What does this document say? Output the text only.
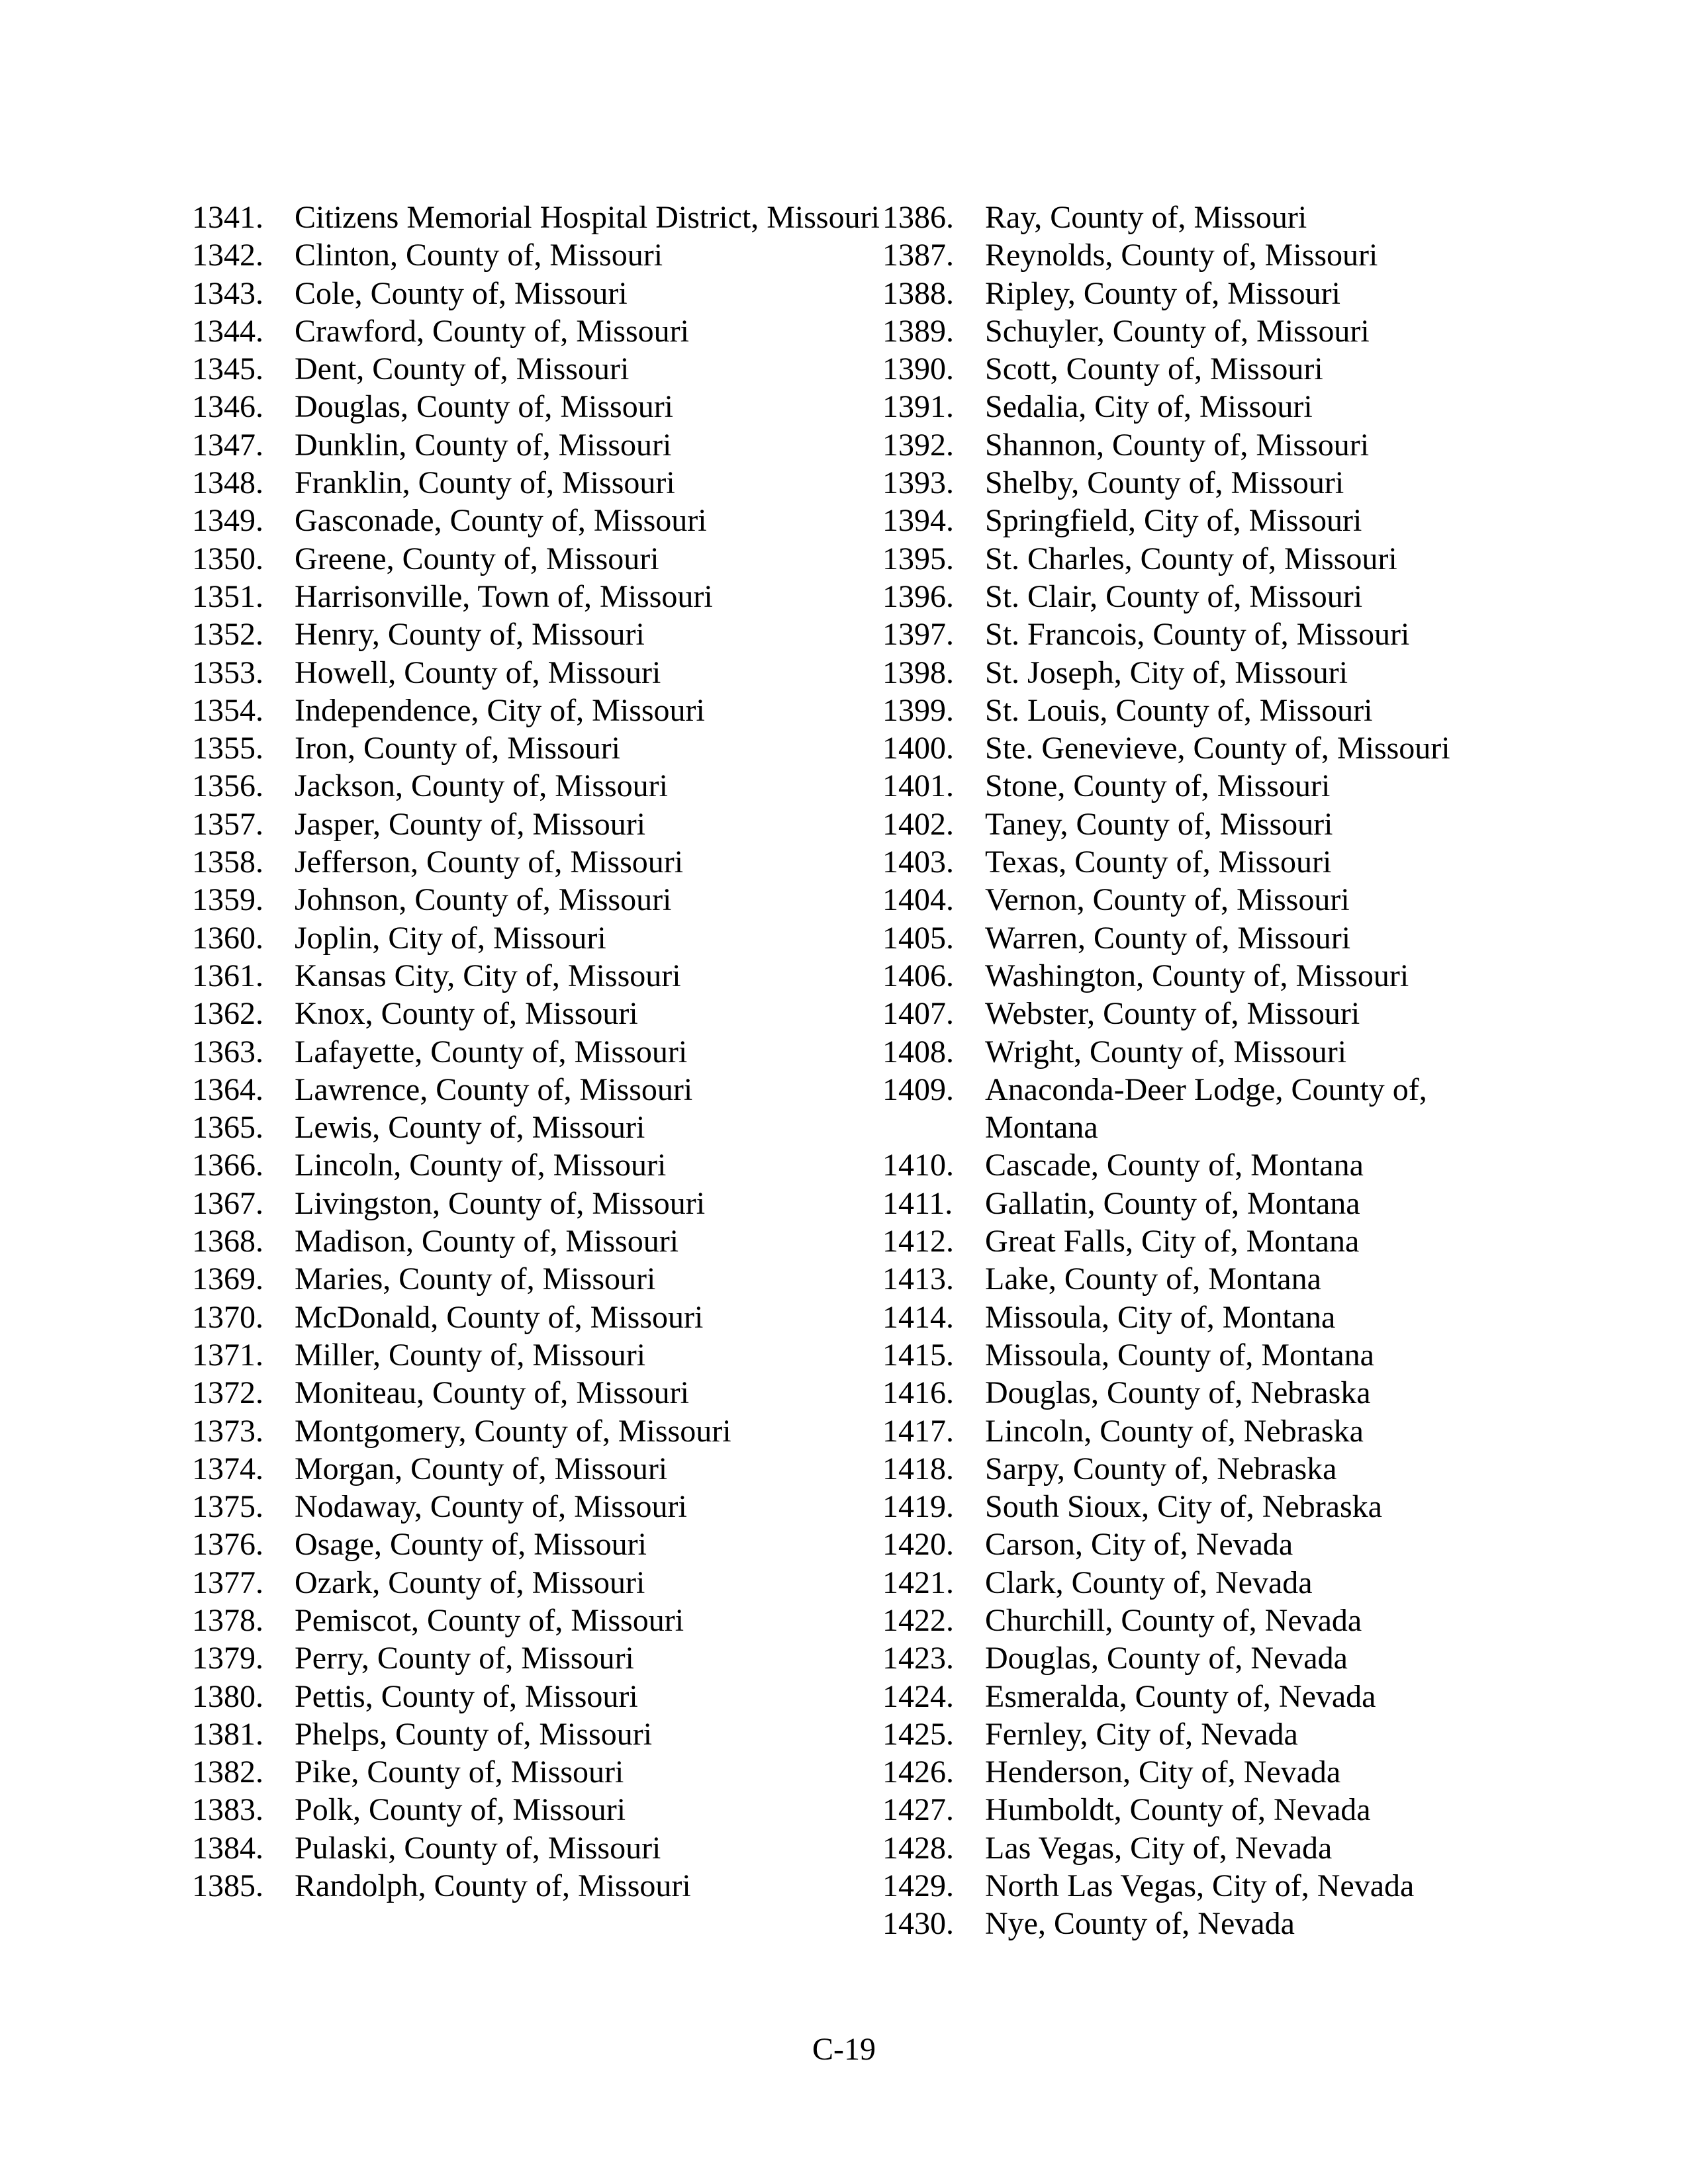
1341. Citizens Memorial Hospital District, Missouri
1342. Clinton, County of, Missouri
1343. Cole, County of, Missouri
1344. Crawford, County of, Missouri
1345. Dent, County of, Missouri
1346. Douglas, County of, Missouri
1347. Dunklin, County of, Missouri
1348. Franklin, County of, Missouri
1349. Gasconade, County of, Missouri
1350. Greene, County of, Missouri
1351. Harrisonville, Town of, Missouri
1352. Henry, County of, Missouri
1353. Howell, County of, Missouri
1354. Independence, City of, Missouri
1355. Iron, County of, Missouri
1356. Jackson, County of, Missouri
1357. Jasper, County of, Missouri
1358. Jefferson, County of, Missouri
1359. Johnson, County of, Missouri
1360. Joplin, City of, Missouri
1361. Kansas City, City of, Missouri
1362. Knox, County of, Missouri
1363. Lafayette, County of, Missouri
1364. Lawrence, County of, Missouri
1365. Lewis, County of, Missouri
1366. Lincoln, County of, Missouri
1367. Livingston, County of, Missouri
1368. Madison, County of, Missouri
1369. Maries, County of, Missouri
1370. McDonald, County of, Missouri
1371. Miller, County of, Missouri
1372. Moniteau, County of, Missouri
1373. Montgomery, County of, Missouri
1374. Morgan, County of, Missouri
1375. Nodaway, County of, Missouri
1376. Osage, County of, Missouri
1377. Ozark, County of, Missouri
1378. Pemiscot, County of, Missouri
1379. Perry, County of, Missouri
1380. Pettis, County of, Missouri
1381. Phelps, County of, Missouri
1382. Pike, County of, Missouri
1383. Polk, County of, Missouri
1384. Pulaski, County of, Missouri
1385. Randolph, County of, Missouri
1386. Ray, County of, Missouri
1387. Reynolds, County of, Missouri
1388. Ripley, County of, Missouri
1389. Schuyler, County of, Missouri
1390. Scott, County of, Missouri
1391. Sedalia, City of, Missouri
1392. Shannon, County of, Missouri
1393. Shelby, County of, Missouri
1394. Springfield, City of, Missouri
1395. St. Charles, County of, Missouri
1396. St. Clair, County of, Missouri
1397. St. Francois, County of, Missouri
1398. St. Joseph, City of, Missouri
1399. St. Louis, County of, Missouri
1400. Ste. Genevieve, County of, Missouri
1401. Stone, County of, Missouri
1402. Taney, County of, Missouri
1403. Texas, County of, Missouri
1404. Vernon, County of, Missouri
1405. Warren, County of, Missouri
1406. Washington, County of, Missouri
1407. Webster, County of, Missouri
1408. Wright, County of, Missouri
1409. Anaconda-Deer Lodge, County of, Montana
1410. Cascade, County of, Montana
1411.	Gallatin, County of, Montana
1412. Great Falls, City of, Montana
1413. Lake, County of, Montana
1414. Missoula, City of, Montana
1415. Missoula, County of, Montana
1416. Douglas, County of, Nebraska
1417. Lincoln, County of, Nebraska
1418. Sarpy, County of, Nebraska
1419. South Sioux, City of, Nebraska
1420. Carson, City of, Nevada
1421. Clark, County of, Nevada
1422. Churchill, County of, Nevada
1423. Douglas, County of, Nevada
1424. Esmeralda, County of, Nevada
1425. Fernley, City of, Nevada
1426. Henderson, City of, Nevada
1427. Humboldt, County of, Nevada
1428. Las Vegas, City of, Nevada
1429. North Las Vegas, City of, Nevada
1430. Nye, County of, Nevada
C-19
